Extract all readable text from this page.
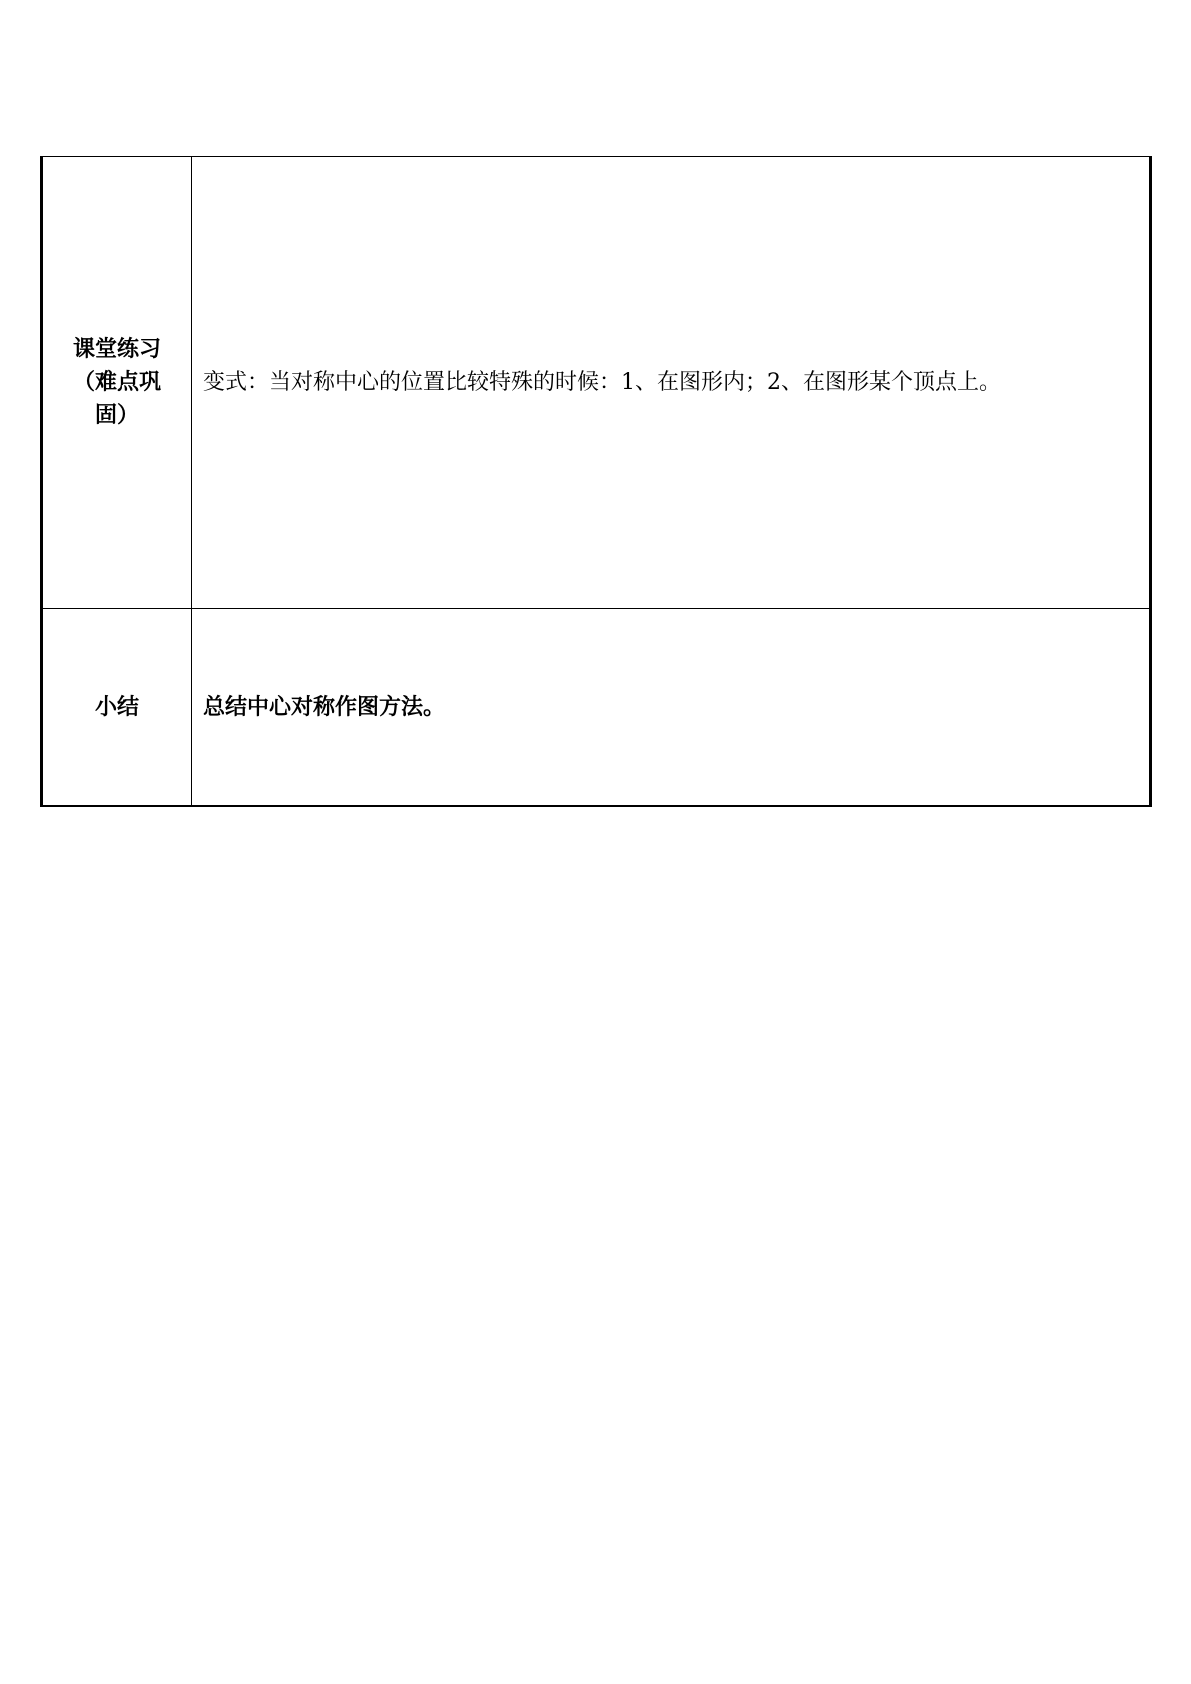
课堂练习（难点巩固）	变式：当对称中心的位置比较特殊的时候：1、在图形内；2、在图形某个顶点上。
小结	总结中心对称作图方法。
